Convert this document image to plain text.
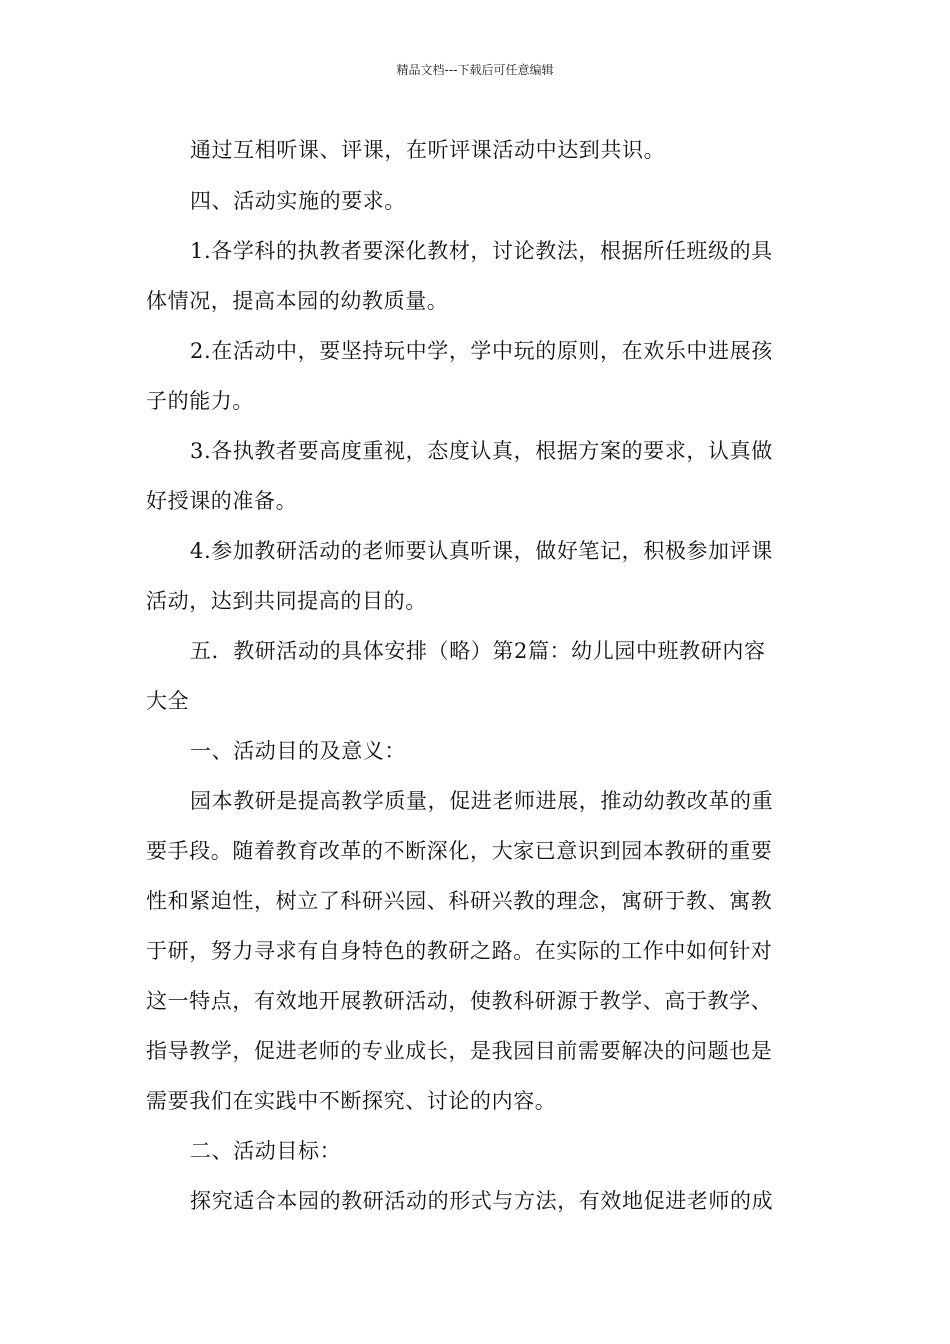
精品文档---下载后可任意编辑
通过互相听课、评课，在听评课活动中达到共识。
四、活动实施的要求。
1.各学科的执教者要深化教材，讨论教法，根据所任班级的具
体情况，提高本园的幼教质量。
2.在活动中，要坚持玩中学，学中玩的原则，在欢乐中进展孩
子的能力。
3.各执教者要高度重视，态度认真，根据方案的要求，认真做
好授课的准备。
4.参加教研活动的老师要认真听课，做好笔记，积极参加评课
活动，达到共同提高的目的。
五．教研活动的具体安排（略）第2篇：幼儿园中班教研内容
大全
一、活动目的及意义：
园本教研是提高教学质量，促进老师进展，推动幼教改革的重
要手段。随着教育改革的不断深化，大家已意识到园本教研的重要
性和紧迫性，树立了科研兴园、科研兴教的理念，寓研于教、寓教
于研，努力寻求有自身特色的教研之路。在实际的工作中如何针对
这一特点，有效地开展教研活动，使教科研源于教学、高于教学、
指导教学，促进老师的专业成长，是我园目前需要解决的问题也是
需要我们在实践中不断探究、讨论的内容。
二、活动目标：
探究适合本园的教研活动的形式与方法，有效地促进老师的成
